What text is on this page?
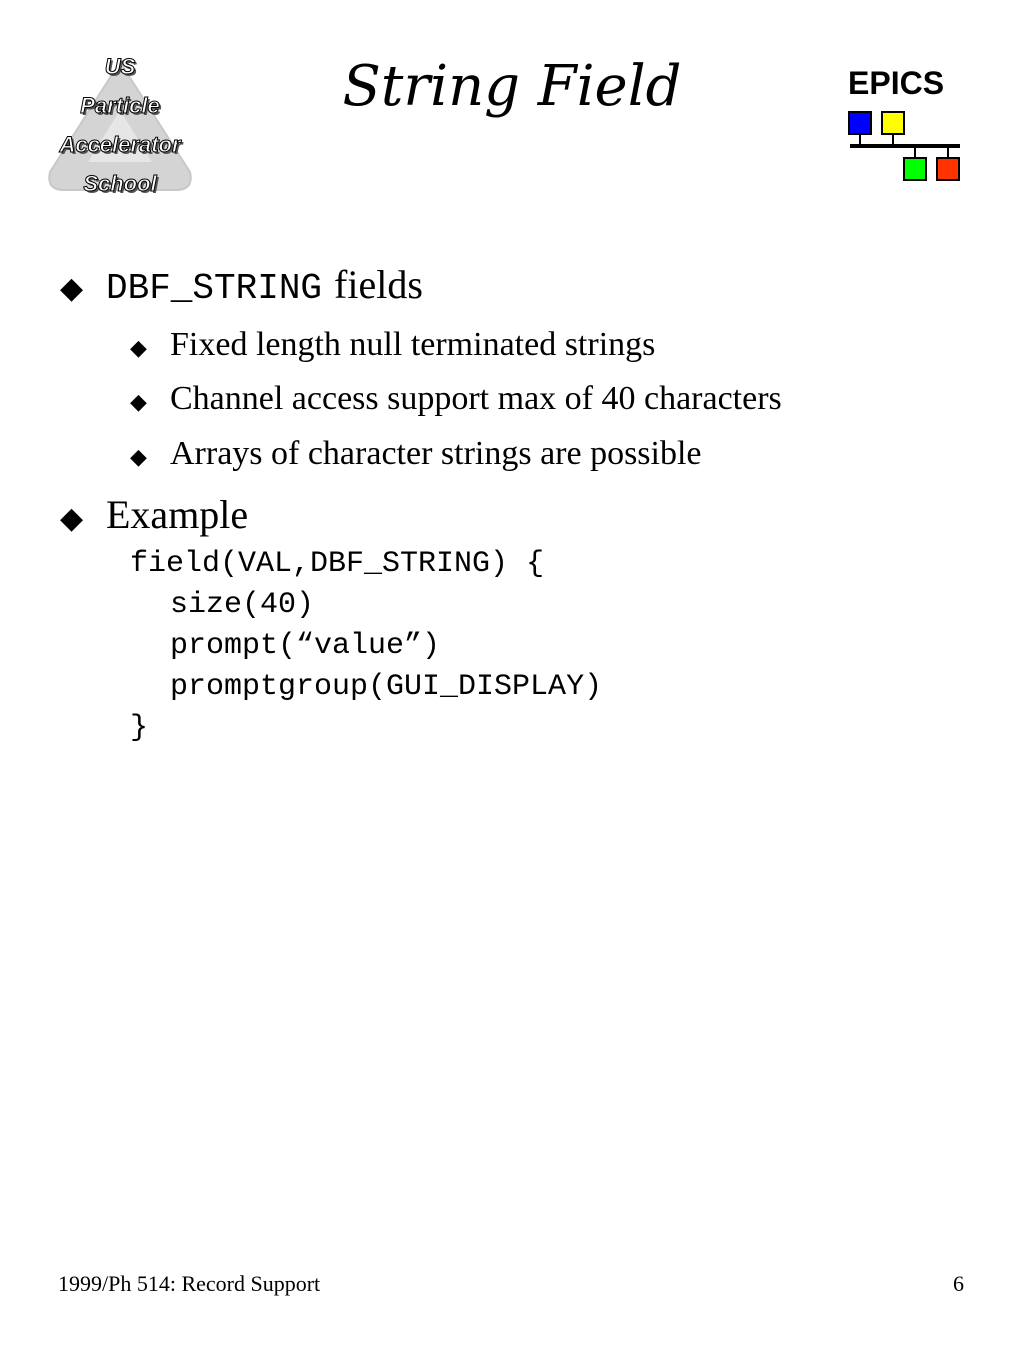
US
Particle
Accelerator
School
String Field	EPICS
◆ DBF_STRING fields
◆ Fixed length null terminated strings
◆ Channel access support max of 40 characters
◆ Arrays of character strings are possible
◆ Example
field(VAL,DBF_STRING) {
size(40)
prompt(“value”)
promptgroup(GUI_DISPLAY)
}
1999/Ph 514: Record Support	6
